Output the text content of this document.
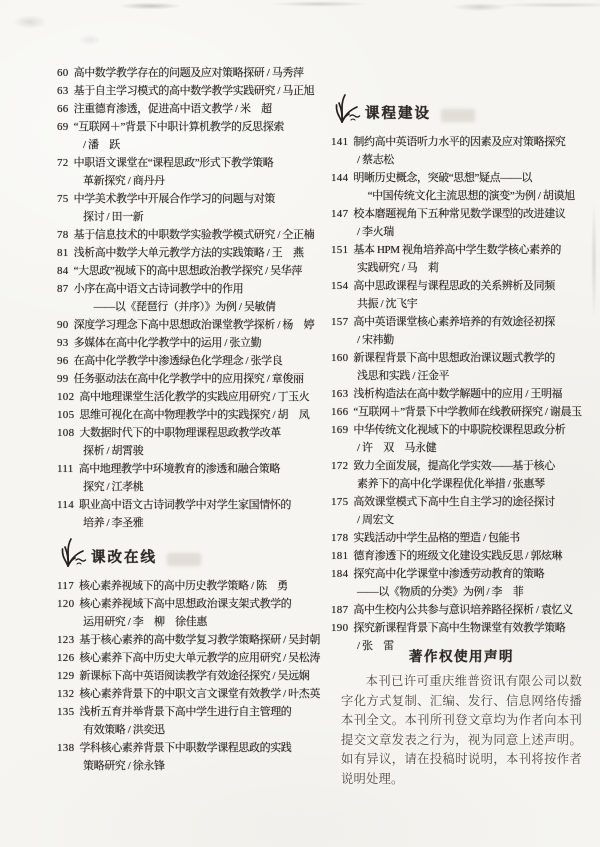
60 高中数学教学存在的问题及应对策略探研 / 马秀萍
63 基于自主学习模式的高中数学教学实践研究 / 马正旭
66 注重德育渗透，促进高中语文教学 / 米　超
69 “互联网＋”背景下中职计算机教学的反思探索
/ 潘　跃
72 中职语文课堂在“课程思政”形式下教学策略
革新探究 / 商丹丹
75 中学美术教学中开展合作学习的问题与对策
探讨 / 田一新
78 基于信息技术的中职数学实验教学模式研究 / 仝正楠
81 浅析高中数学大单元教学方法的实践策略 / 王　燕
84 “大思政”视域下的高中思想政治教学探究 / 吴华萍
87 小序在高中语文古诗词教学中的作用
　——以《琵琶行（并序）》为例 / 吴敏倩
90 深度学习理念下高中思想政治课堂教学探析 / 杨　婷
93 多媒体在高中化学教学中的运用 / 张立勤
96 在高中化学教学中渗透绿色化学理念 / 张学良
99 任务驱动法在高中化学教学中的应用探究 / 章俊丽
102 高中地理课堂生活化教学的实践应用研究 / 丁玉火
105 思维可视化在高中物理教学中的实践探究 / 胡　凤
108 大数据时代下的中职物理课程思政教学改革
探析 / 胡霄骏
111 高中地理教学中环境教育的渗透和融合策略
探究 / 江孝桃
114 职业高中语文古诗词教学中对学生家国情怀的
培养 / 李圣雅
课改在线
117 核心素养视域下的高中历史教学策略 / 陈　勇
120 核心素养视域下高中思想政治课支架式教学的
运用研究 / 李　柳　徐佳惠
123 基于核心素养的高中数学复习教学策略探研 / 吴封朝
126 核心素养下高中历史大单元教学的应用研究 / 吴松涛
129 新课标下高中英语阅读教学有效途径探究 / 吴远娴
132 核心素养背景下的中职文言文课堂有效教学 / 叶杰英
135 浅析五育并举背景下高中学生进行自主管理的
有效策略 / 洪奕迅
138 学科核心素养背景下中职数学课程思政的实践
策略研究 / 徐永锋
课程建设
141 制约高中英语听力水平的因素及应对策略探究
/ 蔡志松
144 明晰历史概念，突破“思想”疑点——以
　“中国传统文化主流思想的演变”为例 / 胡谟旭
147 校本磨题视角下五种常见数学课型的改进建议
/ 李火瑞
151 基本 HPM 视角培养高中学生数学核心素养的
实践研究 / 马　莉
154 高中思政课程与课程思政的关系辨析及同频
共振 / 沈飞宇
157 高中英语课堂核心素养培养的有效途径初探
/ 宋祎勤
160 新课程背景下高中思想政治课议题式教学的
浅思和实践 / 汪金平
163 浅析构造法在高中数学解题中的应用 / 王明福
166 “互联网＋”背景下中学教师在线教研探究 / 谢晨玉
169 中华传统文化视域下的中职院校课程思政分析
/ 许　双　马永健
172 致力全面发展，提高化学实效——基于核心
素养下的高中化学课程优化举措 / 张惠琴
175 高效课堂模式下高中生自主学习的途径探讨
/ 周宏文
178 实践活动中学生品格的塑造 / 包能书
181 德育渗透下的班级文化建设实践反思 / 郭炫琳
184 探究高中化学课堂中渗透劳动教育的策略
——以《物质的分类》为例 / 李　菲
187 高中生校内公共参与意识培养路径探析 / 袁忆义
190 探究新课程背景下高中生物课堂有效教学策略
/ 张　雷
著作权使用声明

本刊已许可重庆维普资讯有限公司以数字化方式复制、汇编、发行、信息网络传播本刊全文。本刊所刊登文章均为作者向本刊提交文章发表之行为，视为同意上述声明。如有异议，请在投稿时说明，本刊将按作者说明处理。
